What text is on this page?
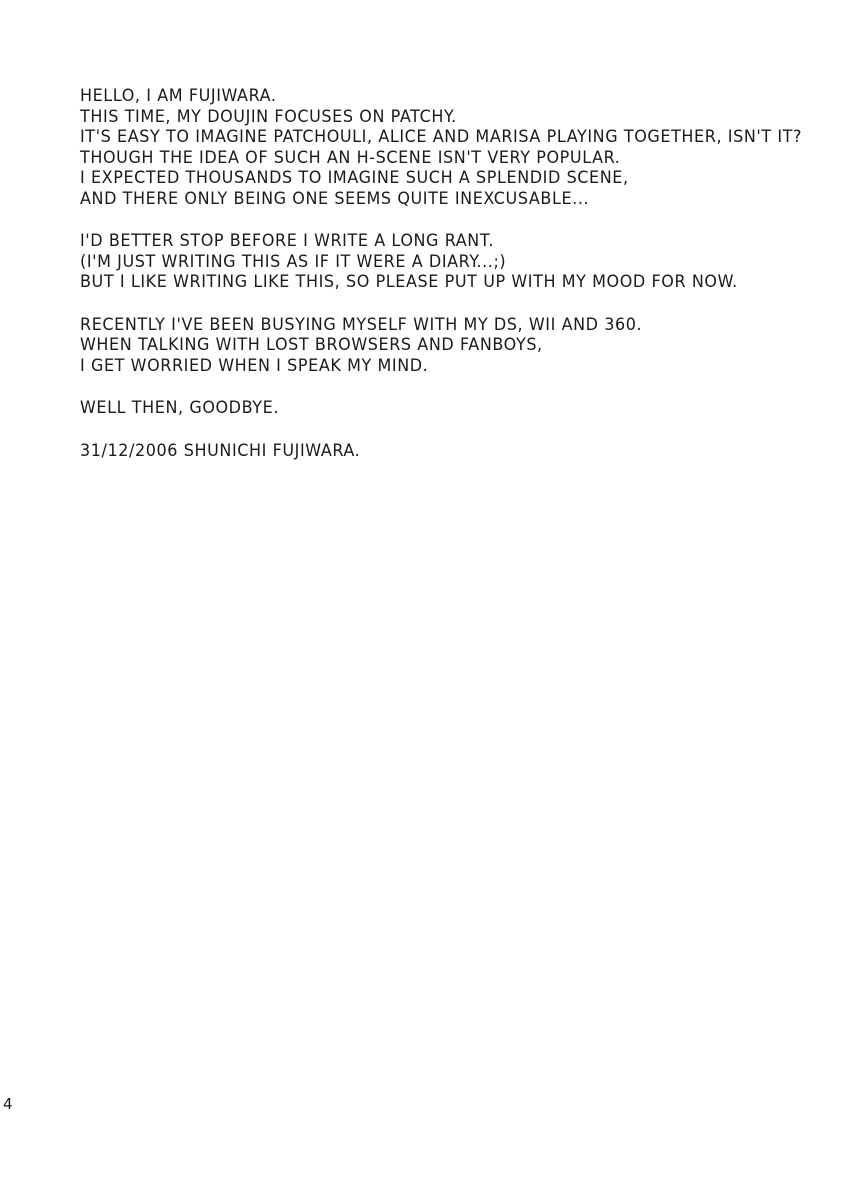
HELLO, I AM FUJIWARA.
THIS TIME, MY DOUJIN FOCUSES ON PATCHY.
IT'S EASY TO IMAGINE PATCHOULI, ALICE AND MARISA PLAYING TOGETHER, ISN'T IT?
THOUGH THE IDEA OF SUCH AN H-SCENE ISN'T VERY POPULAR.
I EXPECTED THOUSANDS TO IMAGINE SUCH A SPLENDID SCENE,
AND THERE ONLY BEING ONE SEEMS QUITE INEXCUSABLE...
I'D BETTER STOP BEFORE I WRITE A LONG RANT.
(I'M JUST WRITING THIS AS IF IT WERE A DIARY...;)
BUT I LIKE WRITING LIKE THIS, SO PLEASE PUT UP WITH MY MOOD FOR NOW.
RECENTLY I'VE BEEN BUSYING MYSELF WITH MY DS, WII AND 360.
WHEN TALKING WITH LOST BROWSERS AND FANBOYS,
I GET WORRIED WHEN I SPEAK MY MIND.
WELL THEN, GOODBYE.
31/12/2006 SHUNICHI FUJIWARA.
4
